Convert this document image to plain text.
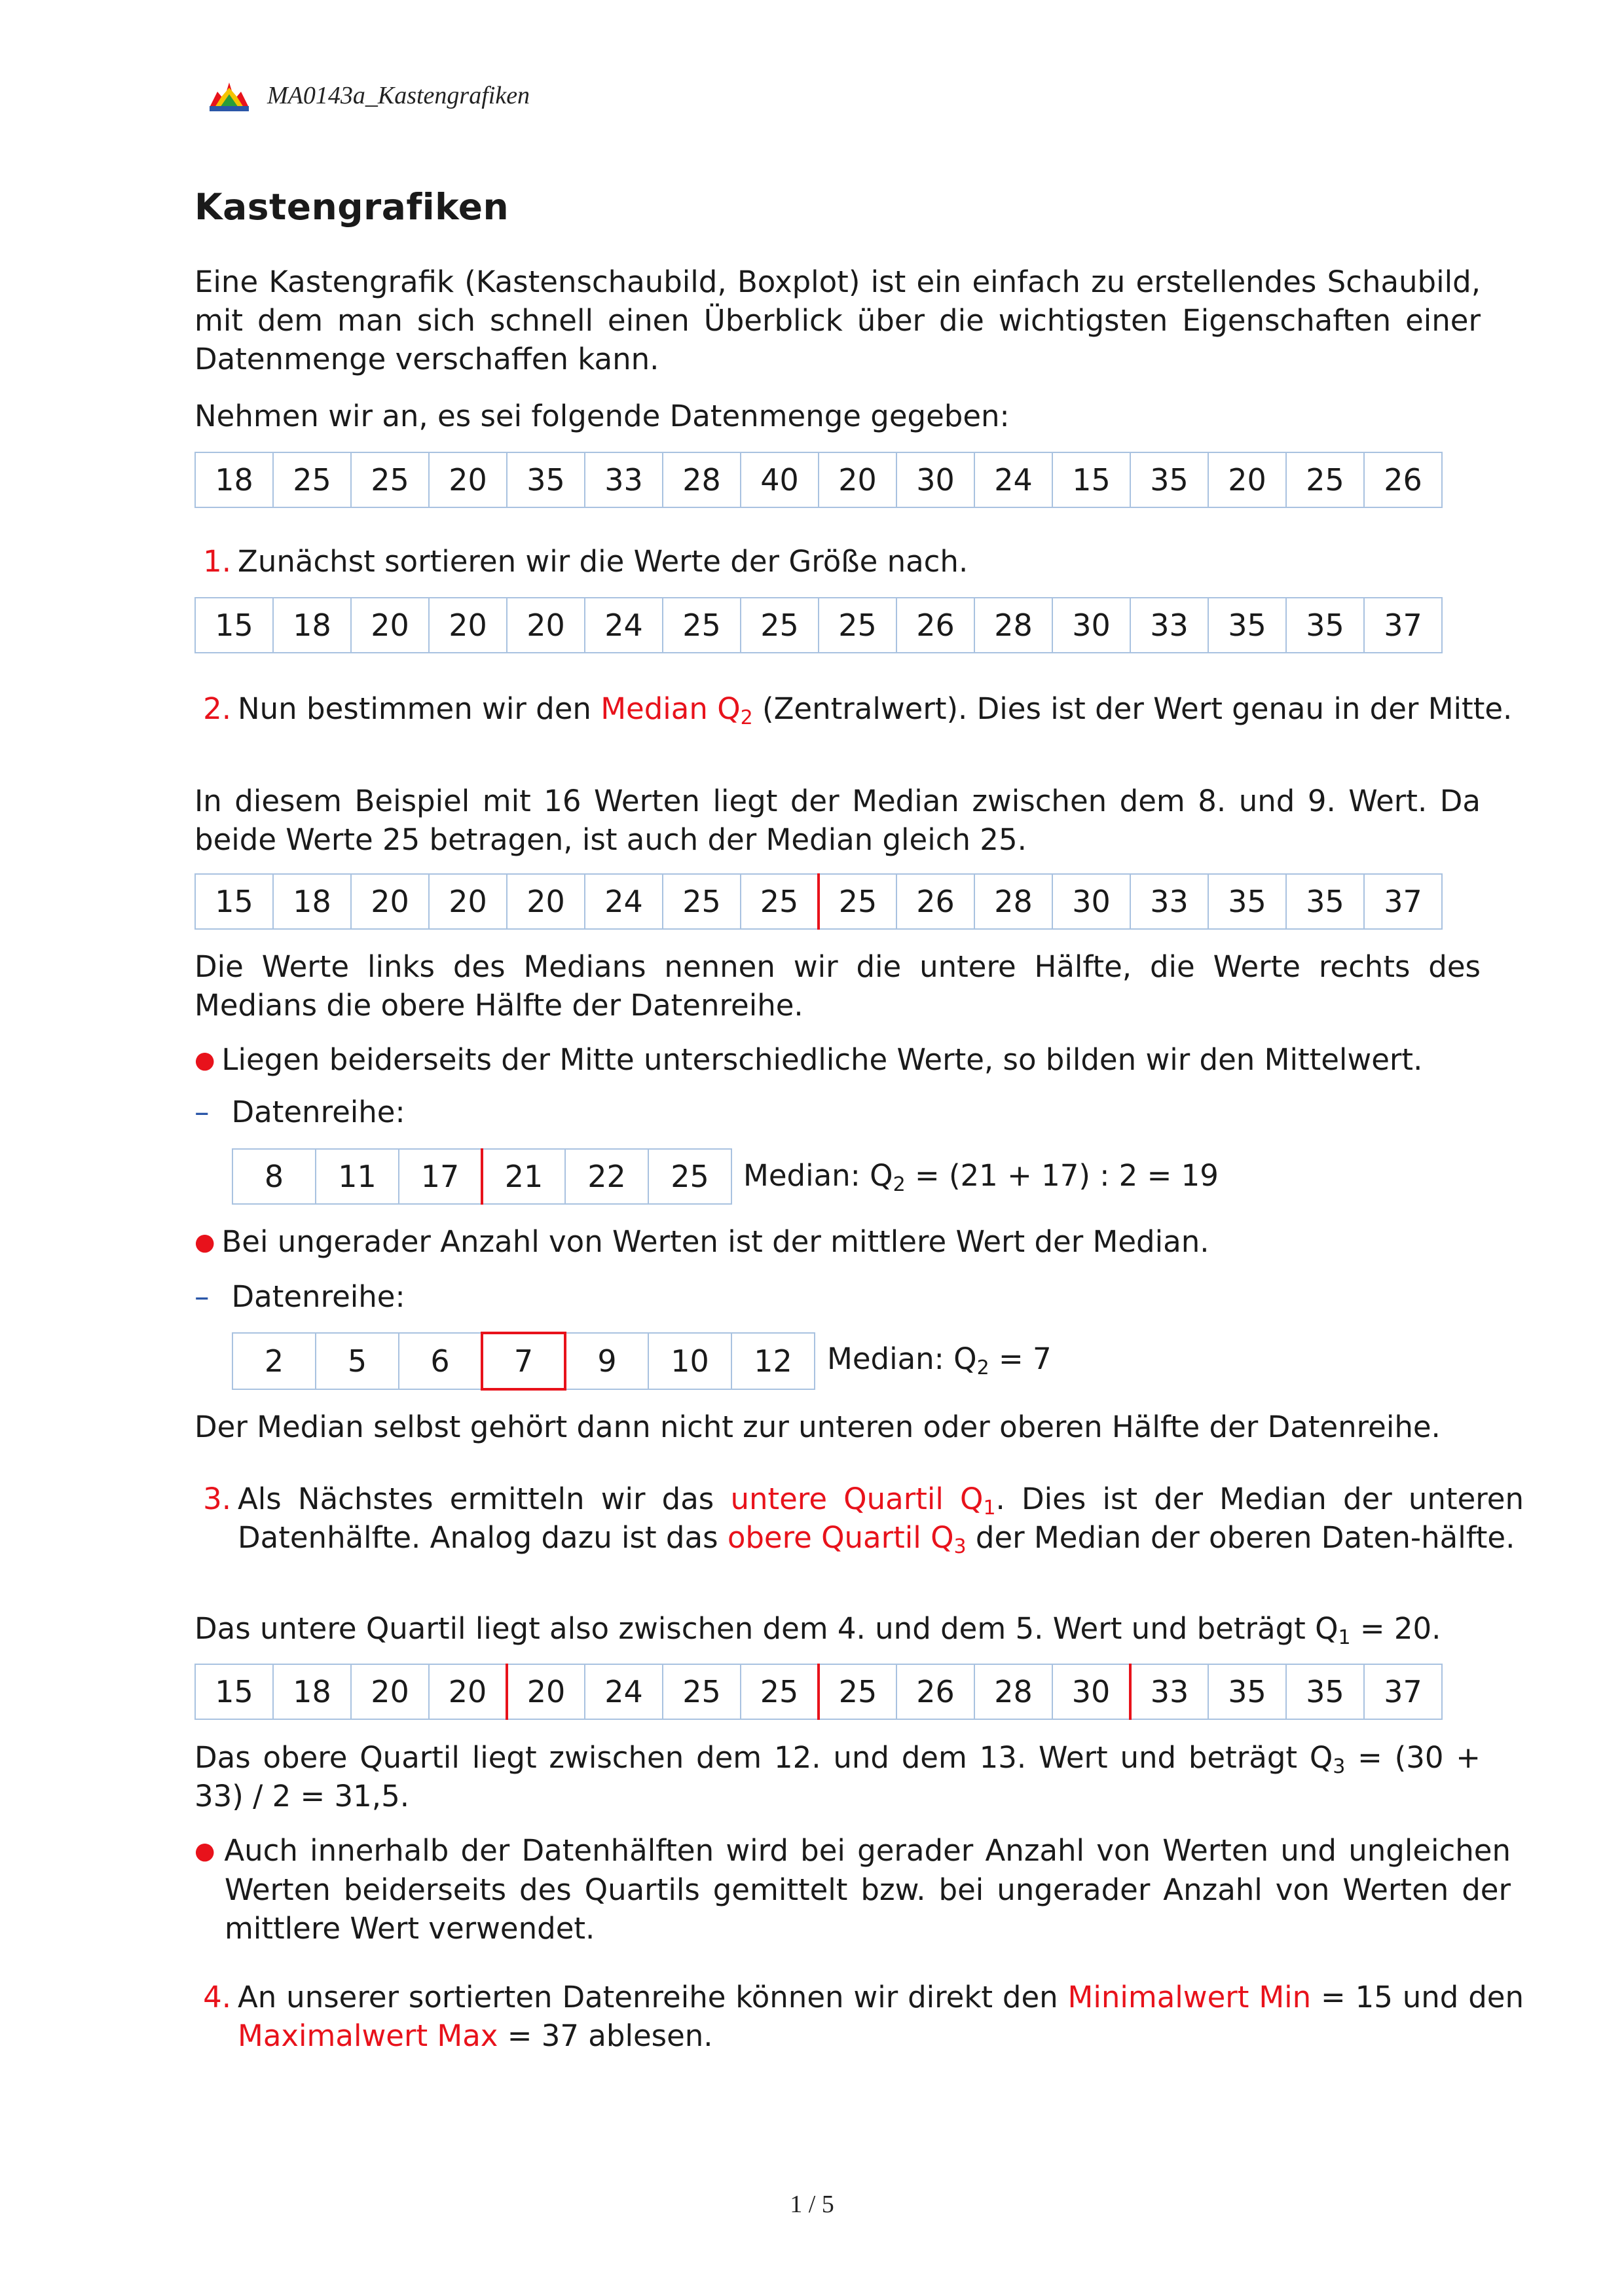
MA0143a_Kastengrafiken
Kastengrafiken
Eine Kastengrafik (Kastenschaubild, Boxplot) ist ein einfach zu erstellendes Schaubild, mit dem man sich schnell einen Überblick über die wichtigsten Eigenschaften einer Datenmenge verschaffen kann.
Nehmen wir an, es sei folgende Datenmenge gegeben:
18	25	25	20	35	33	28	40	20	30	24	15	35	20	25	26
1. Zunächst sortieren wir die Werte der Größe nach.
15	18	20	20	20	24	25	25	25	26	28	30	33	35	35	37
2. Nun bestimmen wir den Median $Q_2$ (Zentralwert). Dies ist der Wert genau in der Mitte.
In diesem Beispiel mit 16 Werten liegt der Median zwischen dem 8. und 9. Wert. Da beide Werte 25 betragen, ist auch der Median gleich 25.
15	18	20	20	20	24	25	25	25	26	28	30	33	35	35	37
Die Werte links des Medians nennen wir die untere Hälfte, die Werte rechts des Medians die obere Hälfte der Datenreihe.
● Liegen beiderseits der Mitte unterschiedliche Werte, so bilden wir den Mittelwert.
– Datenreihe:
8	11	17	21	22	25 Median: $Q_2 = (21 + 17)$ : 2 = 19
● Bei ungerader Anzahl von Werten ist der mittlere Wert der Median.
– Datenreihe:
2	5	6	7	9	10	12 Median: $Q_2 = 7$
Der Median selbst gehört dann nicht zur unteren oder oberen Hälfte der Datenreihe.
3. Als Nächstes ermitteln wir das untere Quartil $Q_1$. Dies ist der Median der unteren Datenhälfte. Analog dazu ist das obere Quartil $Q_3$ der Median der oberen Daten-hälfte.
Das untere Quartil liegt also zwischen dem 4. und dem 5. Wert und beträgt $Q_1 = 20$.
15	18	20	20	20	24	25	25	25	26	28	30	33	35	35	37
Das obere Quartil liegt zwischen dem 12. und dem 13. Wert und beträgt $Q_3 = (30 + 33) / 2 = 31,5$.
● Auch innerhalb der Datenhälften wird bei gerader Anzahl von Werten und ungleichen Werten beiderseits des Quartils gemittelt bzw. bei ungerader Anzahl von Werten der mittlere Wert verwendet.
4. An unserer sortierten Datenreihe können wir direkt den Minimalwert Min = 15 und den Maximalwert Max = 37 ablesen.
1 / 5
